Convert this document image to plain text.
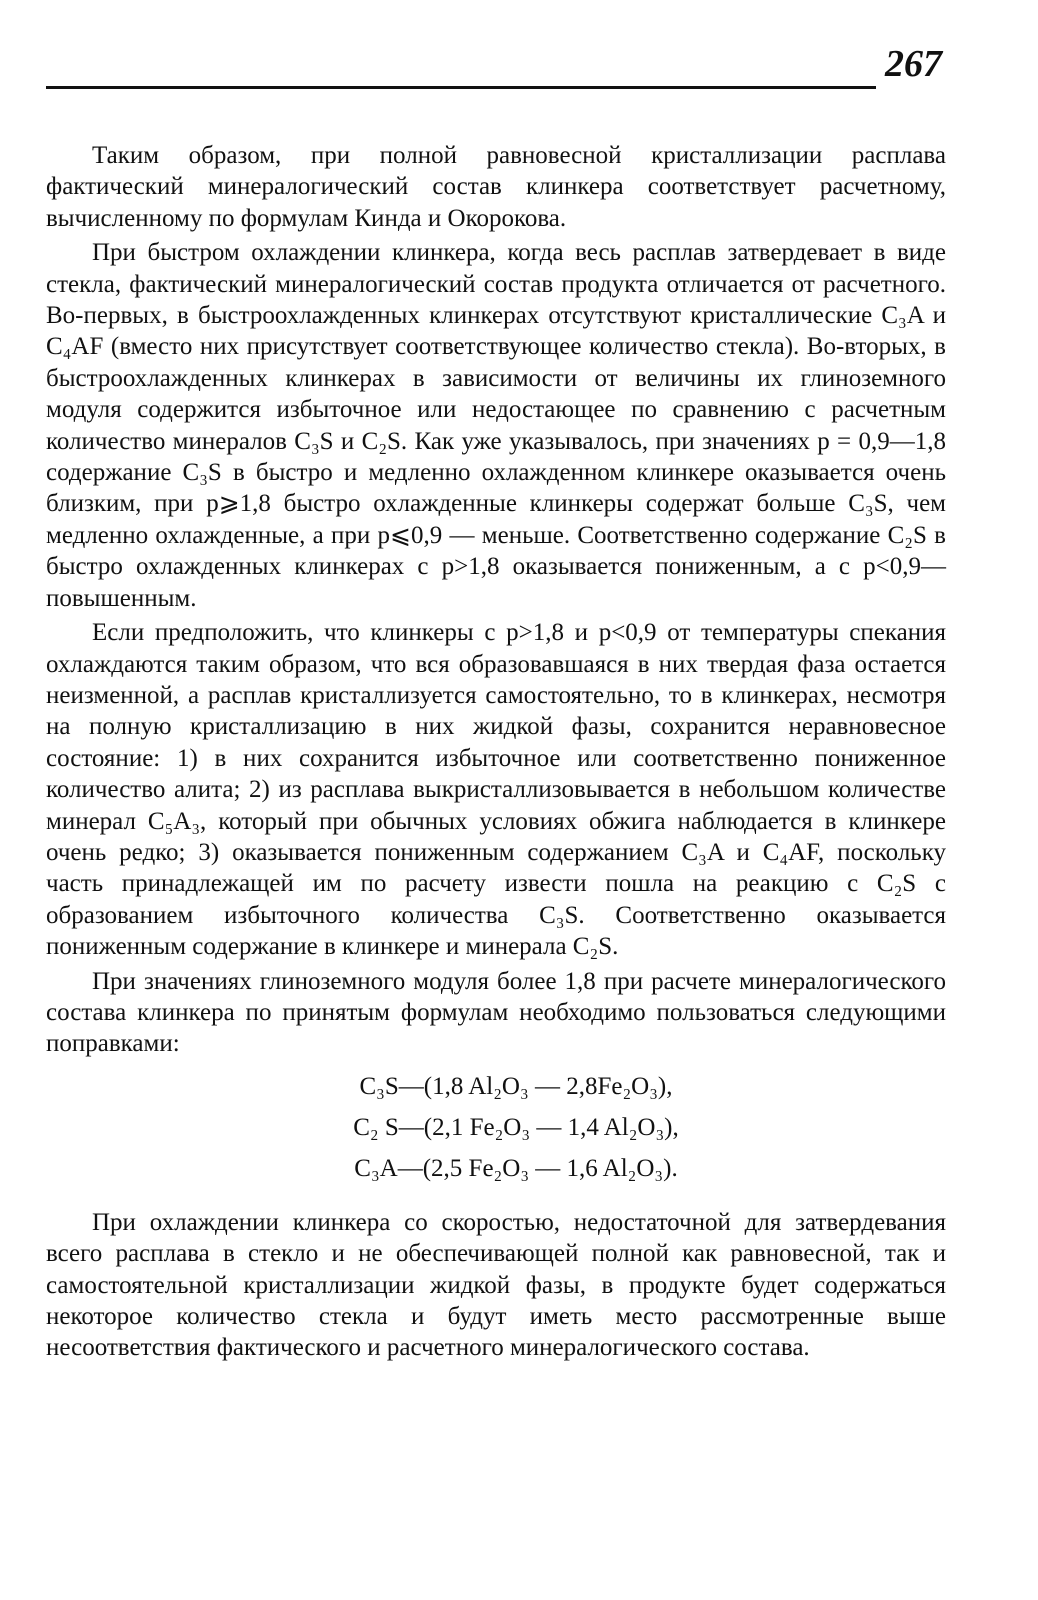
267

Таким образом, при полной равновесной кристаллизации расплава фактический минералогический состав клинкера соответствует расчетному, вычисленному по формулам Кинда и Окорокова.

При быстром охлаждении клинкера, когда весь расплав затвердевает в виде стекла, фактический минералогический состав продукта отличается от расчетного. Во-первых, в быстроохлажденных клинкерах отсутствуют кристаллические C₃A и C₄AF (вместо них присутствует соответствующее количество стекла). Во-вторых, в быстроохлажденных клинкерах в зависимости от величины их глиноземного модуля содержится избыточное или недостающее по сравнению с расчетным количество минералов C₃S и C₂S. Как уже указывалось, при значениях p = 0,9—1,8 содержание C₃S в быстро и медленно охлажденном клинкере оказывается очень близким, при p⩾1,8 быстро охлажденные клинкеры содержат больше C₃S, чем медленно охлажденные, а при p⩽0,9 — меньше. Соответственно содержание C₂S в быстро охлажденных клинкерах с p>1,8 оказывается пониженным, а с p<0,9—повышенным.

Если предположить, что клинкеры с p>1,8 и p<0,9 от температуры спекания охлаждаются таким образом, что вся образовавшаяся в них твердая фаза остается неизменной, а расплав кристаллизуется самостоятельно, то в клинкерах, несмотря на полную кристаллизацию в них жидкой фазы, сохранится неравновесное состояние: 1) в них сохранится избыточное или соответственно пониженное количество алита; 2) из расплава выкристаллизовывается в небольшом количестве минерал C₅A₃, который при обычных условиях обжига наблюдается в клинкере очень редко; 3) оказывается пониженным содержанием C₃A и C₄AF, поскольку часть принадлежащей им по расчету извести пошла на реакцию с C₂S с образованием избыточного количества C₃S. Соответственно оказывается пониженным содержание в клинкере и минерала C₂S.

При значениях глиноземного модуля более 1,8 при расчете минералогического состава клинкера по принятым формулам необходимо пользоваться следующими поправками:

C₃S—(1,8 Al₂O₃ — 2,8Fe₂O₃),
C₂ S—(2,1 Fe₂O₃ — 1,4 Al₂O₃),
C₃A—(2,5 Fe₂O₃ — 1,6 Al₂O₃).

При охлаждении клинкера со скоростью, недостаточной для затвердевания всего расплава в стекло и не обеспечивающей полной как равновесной, так и самостоятельной кристаллизации жидкой фазы, в продукте будет содержаться некоторое количество стекла и будут иметь место рассмотренные выше несоответствия фактического и расчетного минералогического состава.
